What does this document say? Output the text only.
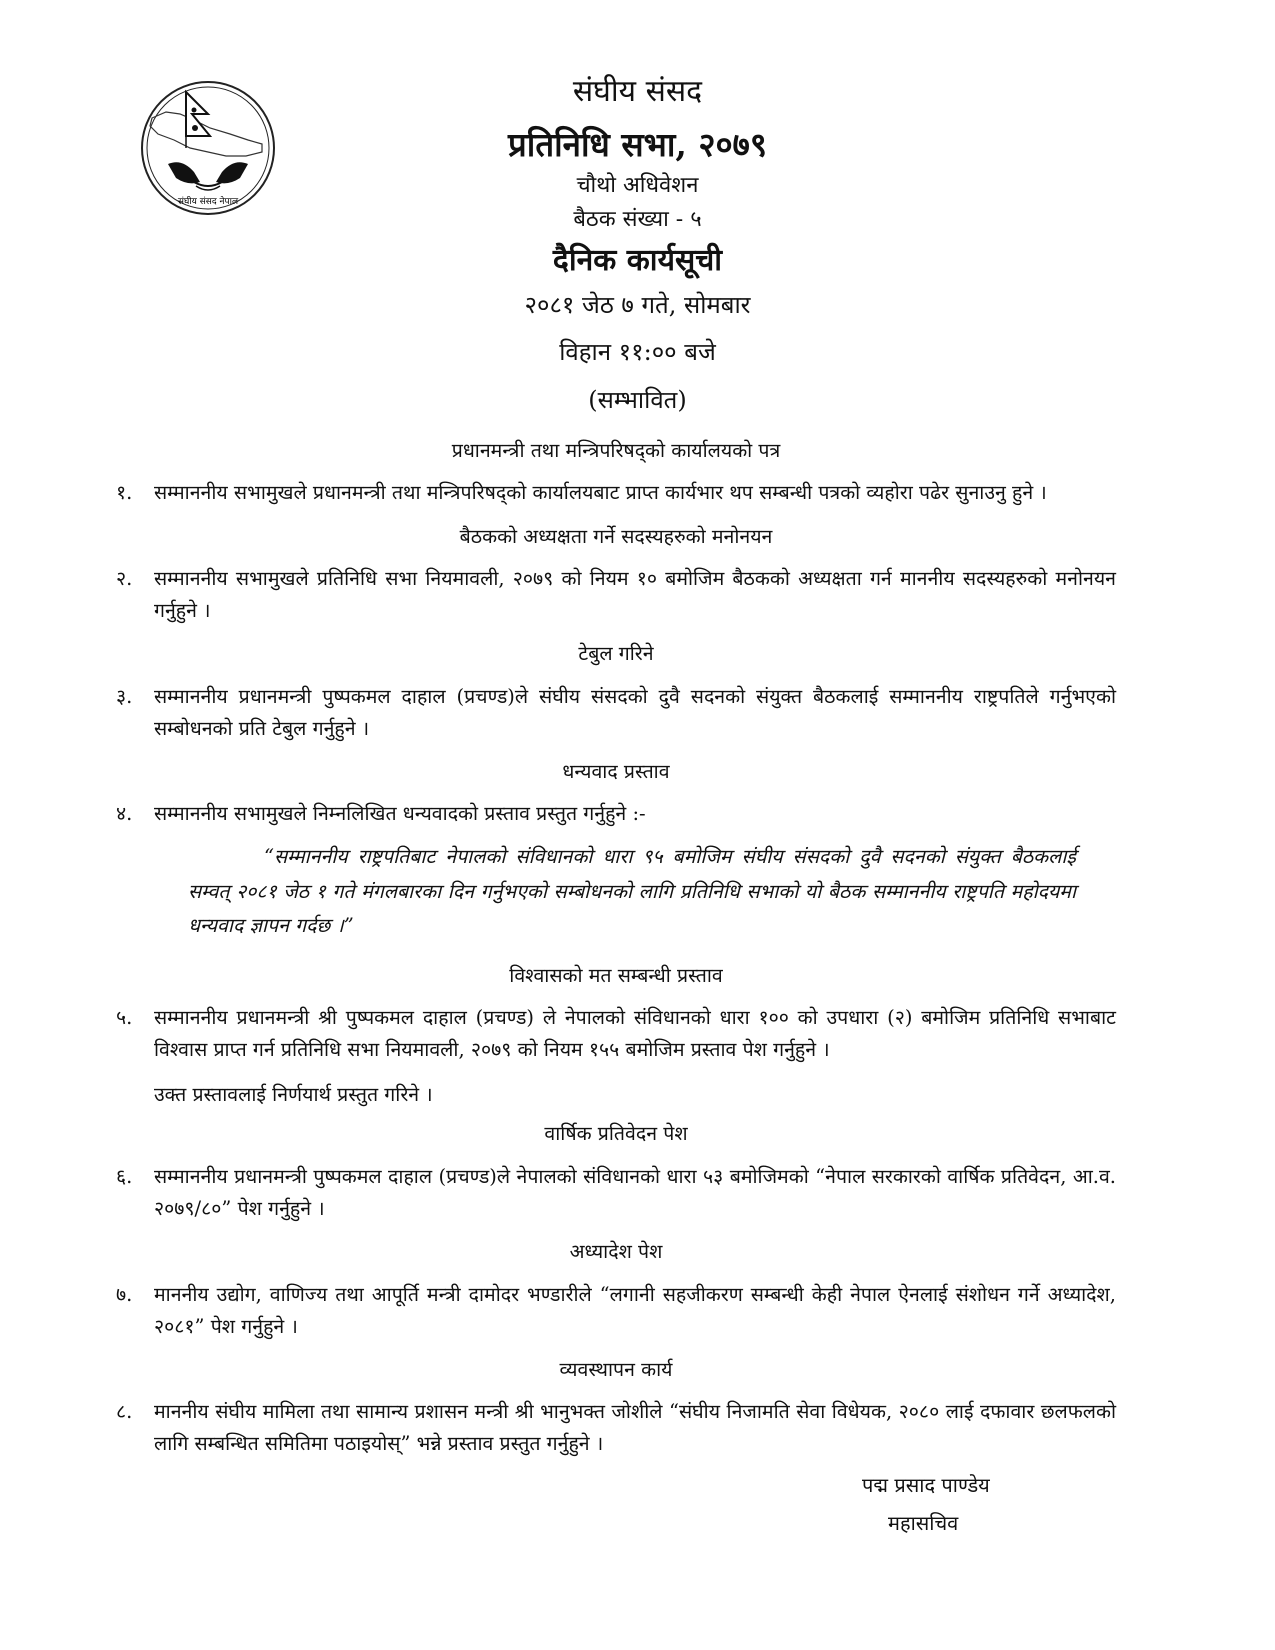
संघीय संसद नेपाल
संघीय संसद
प्रतिनिधि सभा, २०७९
चौथो अधिवेशन
बैठक संख्या - ५
दैनिक कार्यसूची
२०८१ जेठ ७ गते, सोमबार
विहान ११:०० बजे
(सम्भावित)
प्रधानमन्त्री तथा मन्त्रिपरिषद्को कार्यालयको पत्र
१.	सम्माननीय सभामुखले प्रधानमन्त्री तथा मन्त्रिपरिषद्को कार्यालयबाट प्राप्त कार्यभार थप सम्बन्धी पत्रको व्यहोरा पढेर सुनाउनु हुने ।
बैठकको अध्यक्षता गर्ने सदस्यहरुको मनोनयन
२.	सम्माननीय सभामुखले प्रतिनिधि सभा नियमावली, २०७९ को नियम १० बमोजिम बैठकको अध्यक्षता गर्न माननीय सदस्यहरुको मनोनयन गर्नुहुने ।
टेबुल गरिने
३.	सम्माननीय प्रधानमन्त्री पुष्पकमल दाहाल (प्रचण्ड)ले संघीय संसदको दुवै सदनको संयुक्त बैठकलाई सम्माननीय राष्ट्रपतिले गर्नुभएको सम्बोधनको प्रति टेबुल गर्नुहुने ।
धन्यवाद प्रस्ताव
४.	सम्माननीय सभामुखले निम्नलिखित धन्यवादको प्रस्ताव प्रस्तुत गर्नुहुने :-
“सम्माननीय राष्ट्रपतिबाट नेपालको संविधानको धारा ९५ बमोजिम संघीय संसदको दुवै सदनको संयुक्त बैठकलाई सम्वत् २०८१ जेठ १ गते मंगलबारका दिन गर्नुभएको सम्बोधनको लागि प्रतिनिधि सभाको यो बैठक सम्माननीय राष्ट्रपति महोदयमा धन्यवाद ज्ञापन गर्दछ ।”
विश्वासको मत सम्बन्धी प्रस्ताव
५.	सम्माननीय प्रधानमन्त्री श्री पुष्पकमल दाहाल (प्रचण्ड) ले नेपालको संविधानको धारा १०० को उपधारा (२) बमोजिम प्रतिनिधि सभाबाट विश्वास प्राप्त गर्न प्रतिनिधि सभा नियमावली, २०७९ को नियम १५५ बमोजिम प्रस्ताव पेश गर्नुहुने ।
उक्त प्रस्तावलाई निर्णयार्थ प्रस्तुत गरिने ।
वार्षिक प्रतिवेदन पेश
६.	सम्माननीय प्रधानमन्त्री पुष्पकमल दाहाल (प्रचण्ड)ले नेपालको संविधानको धारा ५३ बमोजिमको “नेपाल सरकारको वार्षिक प्रतिवेदन, आ.व. २०७९/८०” पेश गर्नुहुने ।
अध्यादेश पेश
७.	माननीय उद्योग, वाणिज्य तथा आपूर्ति मन्त्री दामोदर भण्डारीले “लगानी सहजीकरण सम्बन्धी केही नेपाल ऐनलाई संशोधन गर्ने अध्यादेश, २०८१” पेश गर्नुहुने ।
व्यवस्थापन कार्य
८.	माननीय संघीय मामिला तथा सामान्य प्रशासन मन्त्री श्री भानुभक्त जोशीले “संघीय निजामति सेवा विधेयक, २०८० लाई दफावार छलफलको लागि सम्बन्धित समितिमा पठाइयोस्” भन्ने प्रस्ताव प्रस्तुत गर्नुहुने ।
पद्म प्रसाद पाण्डेय
महासचिव
